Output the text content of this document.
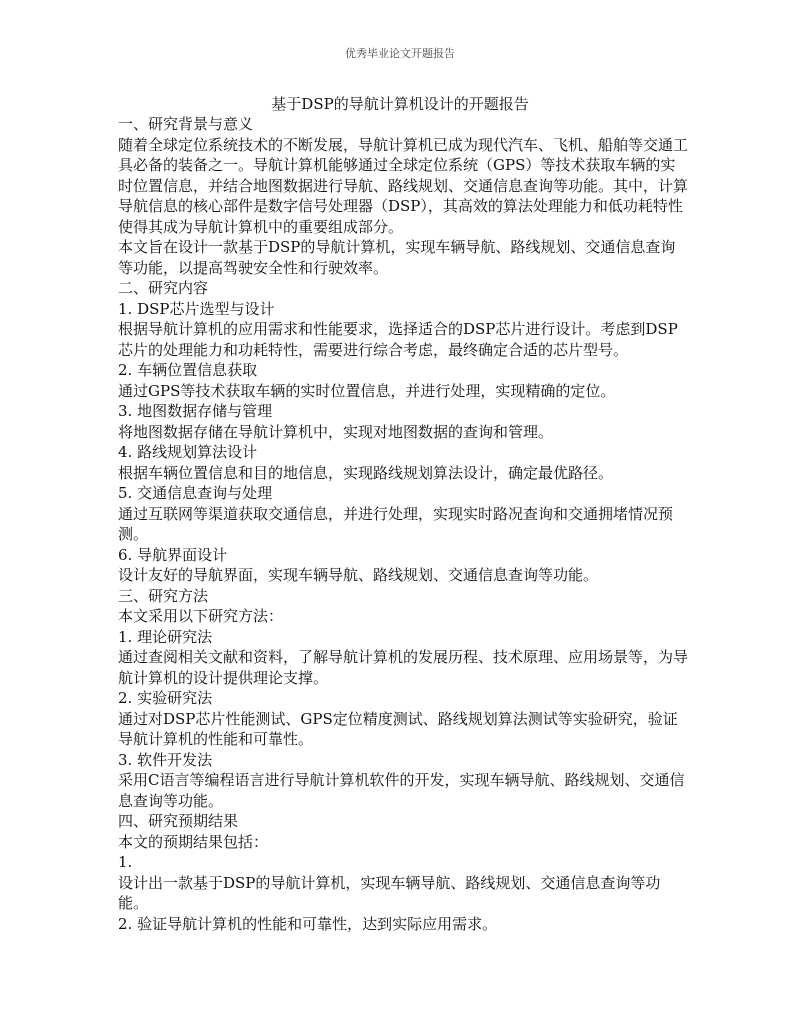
优秀毕业论文开题报告
基于DSP的导航计算机设计的开题报告

一、研究背景与意义

随着全球定位系统技术的不断发展，导航计算机已成为现代汽车、飞机、船舶等交通工具必备的装备之一。导航计算机能够通过全球定位系统（GPS）等技术获取车辆的实时位置信息，并结合地图数据进行导航、路线规划、交通信息查询等功能。其中，计算导航信息的核心部件是数字信号处理器（DSP），其高效的算法处理能力和低功耗特性使得其成为导航计算机中的重要组成部分。

本文旨在设计一款基于DSP的导航计算机，实现车辆导航、路线规划、交通信息查询等功能，以提高驾驶安全性和行驶效率。

二、研究内容

1. DSP芯片选型与设计

根据导航计算机的应用需求和性能要求，选择适合的DSP芯片进行设计。考虑到DSP芯片的处理能力和功耗特性，需要进行综合考虑，最终确定合适的芯片型号。

2. 车辆位置信息获取

通过GPS等技术获取车辆的实时位置信息，并进行处理，实现精确的定位。

3. 地图数据存储与管理

将地图数据存储在导航计算机中，实现对地图数据的查询和管理。

4. 路线规划算法设计

根据车辆位置信息和目的地信息，实现路线规划算法设计，确定最优路径。

5. 交通信息查询与处理

通过互联网等渠道获取交通信息，并进行处理，实现实时路况查询和交通拥堵情况预测。

6. 导航界面设计

设计友好的导航界面，实现车辆导航、路线规划、交通信息查询等功能。

三、研究方法

本文采用以下研究方法：

1. 理论研究法

通过查阅相关文献和资料，了解导航计算机的发展历程、技术原理、应用场景等，为导航计算机的设计提供理论支撑。

2. 实验研究法

通过对DSP芯片性能测试、GPS定位精度测试、路线规划算法测试等实验研究，验证导航计算机的性能和可靠性。

3. 软件开发法

采用C语言等编程语言进行导航计算机软件的开发，实现车辆导航、路线规划、交通信息查询等功能。

四、研究预期结果

本文的预期结果包括：

1.

设计出一款基于DSP的导航计算机，实现车辆导航、路线规划、交通信息查询等功能。

2. 验证导航计算机的性能和可靠性，达到实际应用需求。
